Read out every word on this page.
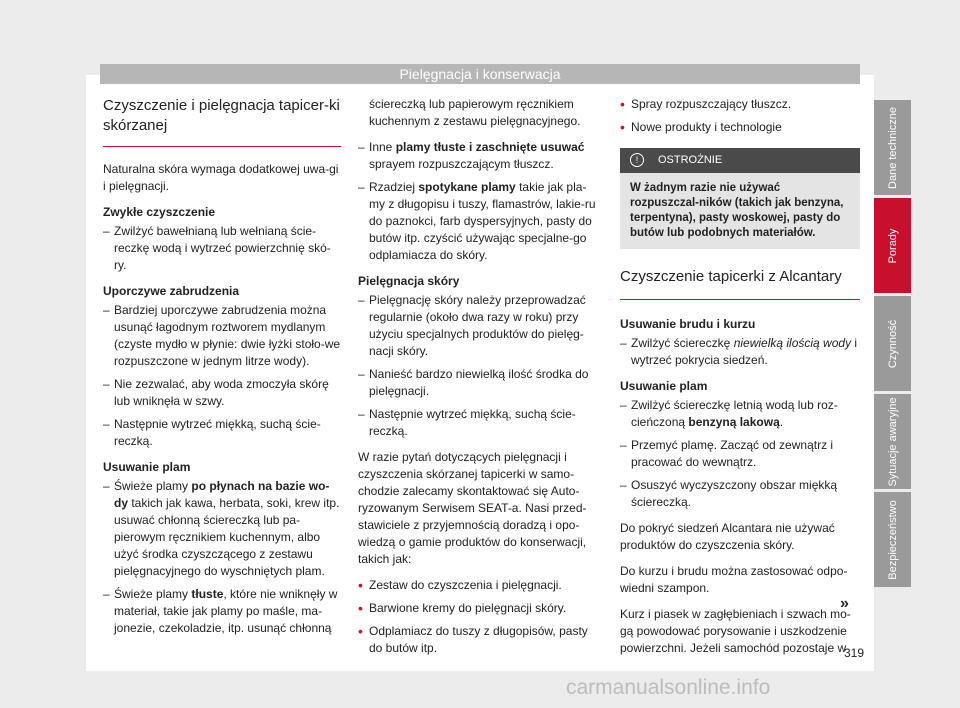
Pielęgnacja i konserwacja
Czyszczenie i pielęgnacja tapicer-ki skórzanej

Naturalna skóra wymaga dodatkowej uwa-gi i pielęgnacji.

Zwykłe czyszczenie

– Zwilżyć bawełnianą lub wełnianą ście-reczkę wodą i wytrzeć powierzchnię skó-ry.

Uporczywe zabrudzenia

– Bardziej uporczywe zabrudzenia można usunąć łagodnym roztworem mydlanym (czyste mydło w płynie: dwie łyżki stoło-we rozpuszczone w jednym litrze wody).
– Nie zezwalać, aby woda zmoczyła skórę lub wniknęła w szwy.
– Następnie wytrzeć miękką, suchą ście-reczką.

Usuwanie plam

– Świeże plamy po płynach na bazie wo-dy takich jak kawa, herbata, soki, krew itp. usuwać chłonną ściereczką lub pa-pierowym ręcznikiem kuchennym, albo użyć środka czyszczącego z zestawu pielęgnacyjnego do wyschniętych plam.
– Świeże plamy tłuste, które nie wniknęły w materiał, takie jak plamy po maśle, ma-jonezie, czekoladzie, itp. usunąć chłonną

ściereczką lub papierowym ręcznikiem kuchennym z zestawu pielęgnacyjnego.

– Inne plamy tłuste i zaschnięte usuwać sprayem rozpuszczającym tłuszcz.
– Rzadziej spotykane plamy takie jak pla-my z długopisu i tuszy, flamastrów, lakie-ru do paznokci, farb dyspersyjnych, pasty do butów itp. czyścić używając specjalne-go odplamiacza do skóry.

Pielęgnacja skóry

– Pielęgnację skóry należy przeprowadzać regularnie (około dwa razy w roku) przy użyciu specjalnych produktów do pielęg-nacji skóry.
– Nanieść bardzo niewielką ilość środka do pielęgnacji.
– Następnie wytrzeć miękką, suchą ście-reczką.

W razie pytań dotyczących pielęgnacji i czyszczenia skórzanej tapicerki w samo-chodzie zalecamy skontaktować się Auto-ryzowanym Serwisem SEAT-a. Nasi przed-stawiciele z przyjemnością doradzą i opo-wiedzą o gamie produktów do konserwacji, takich jak:

• Zestaw do czyszczenia i pielęgnacji.
• Barwione kremy do pielęgnacji skóry.
• Odplamiacz do tuszy z długopisów, pasty do butów itp.
• Spray rozpuszczający tłuszcz.
• Nowe produkty i technologie
! OSTROŻNIE
W żadnym razie nie używać rozpuszczal-ników (takich jak benzyna, terpentyna), pasty woskowej, pasty do butów lub podobnych materiałów.
Czyszczenie tapicerki z Alcantary

Usuwanie brudu i kurzu

– Zwilżyć ściereczkę niewielką ilością wody i wytrzeć pokrycia siedzeń.

Usuwanie plam

– Zwilżyć ściereczkę letnią wodą lub roz-cieńczoną benzyną lakową.
– Przemyć plamę. Zacząć od zewnątrz i pracować do wewnątrz.
– Osuszyć wyczyszczony obszar miękką ściereczką.

Do pokryć siedzeń Alcantara nie używać produktów do czyszczenia skóry.

Do kurzu i brudu można zastosować odpo-wiedni szampon.

Kurz i piasek w zagłębieniach i szwach mo-gą powodować porysowanie i uszkodzenie powierzchni. Jeżeli samochód pozostaje w

»
319
Dane techniczne
Porady
Czynność
Sytuacje awaryjne
Bezpieczeństwo
carmanualsonline.info
